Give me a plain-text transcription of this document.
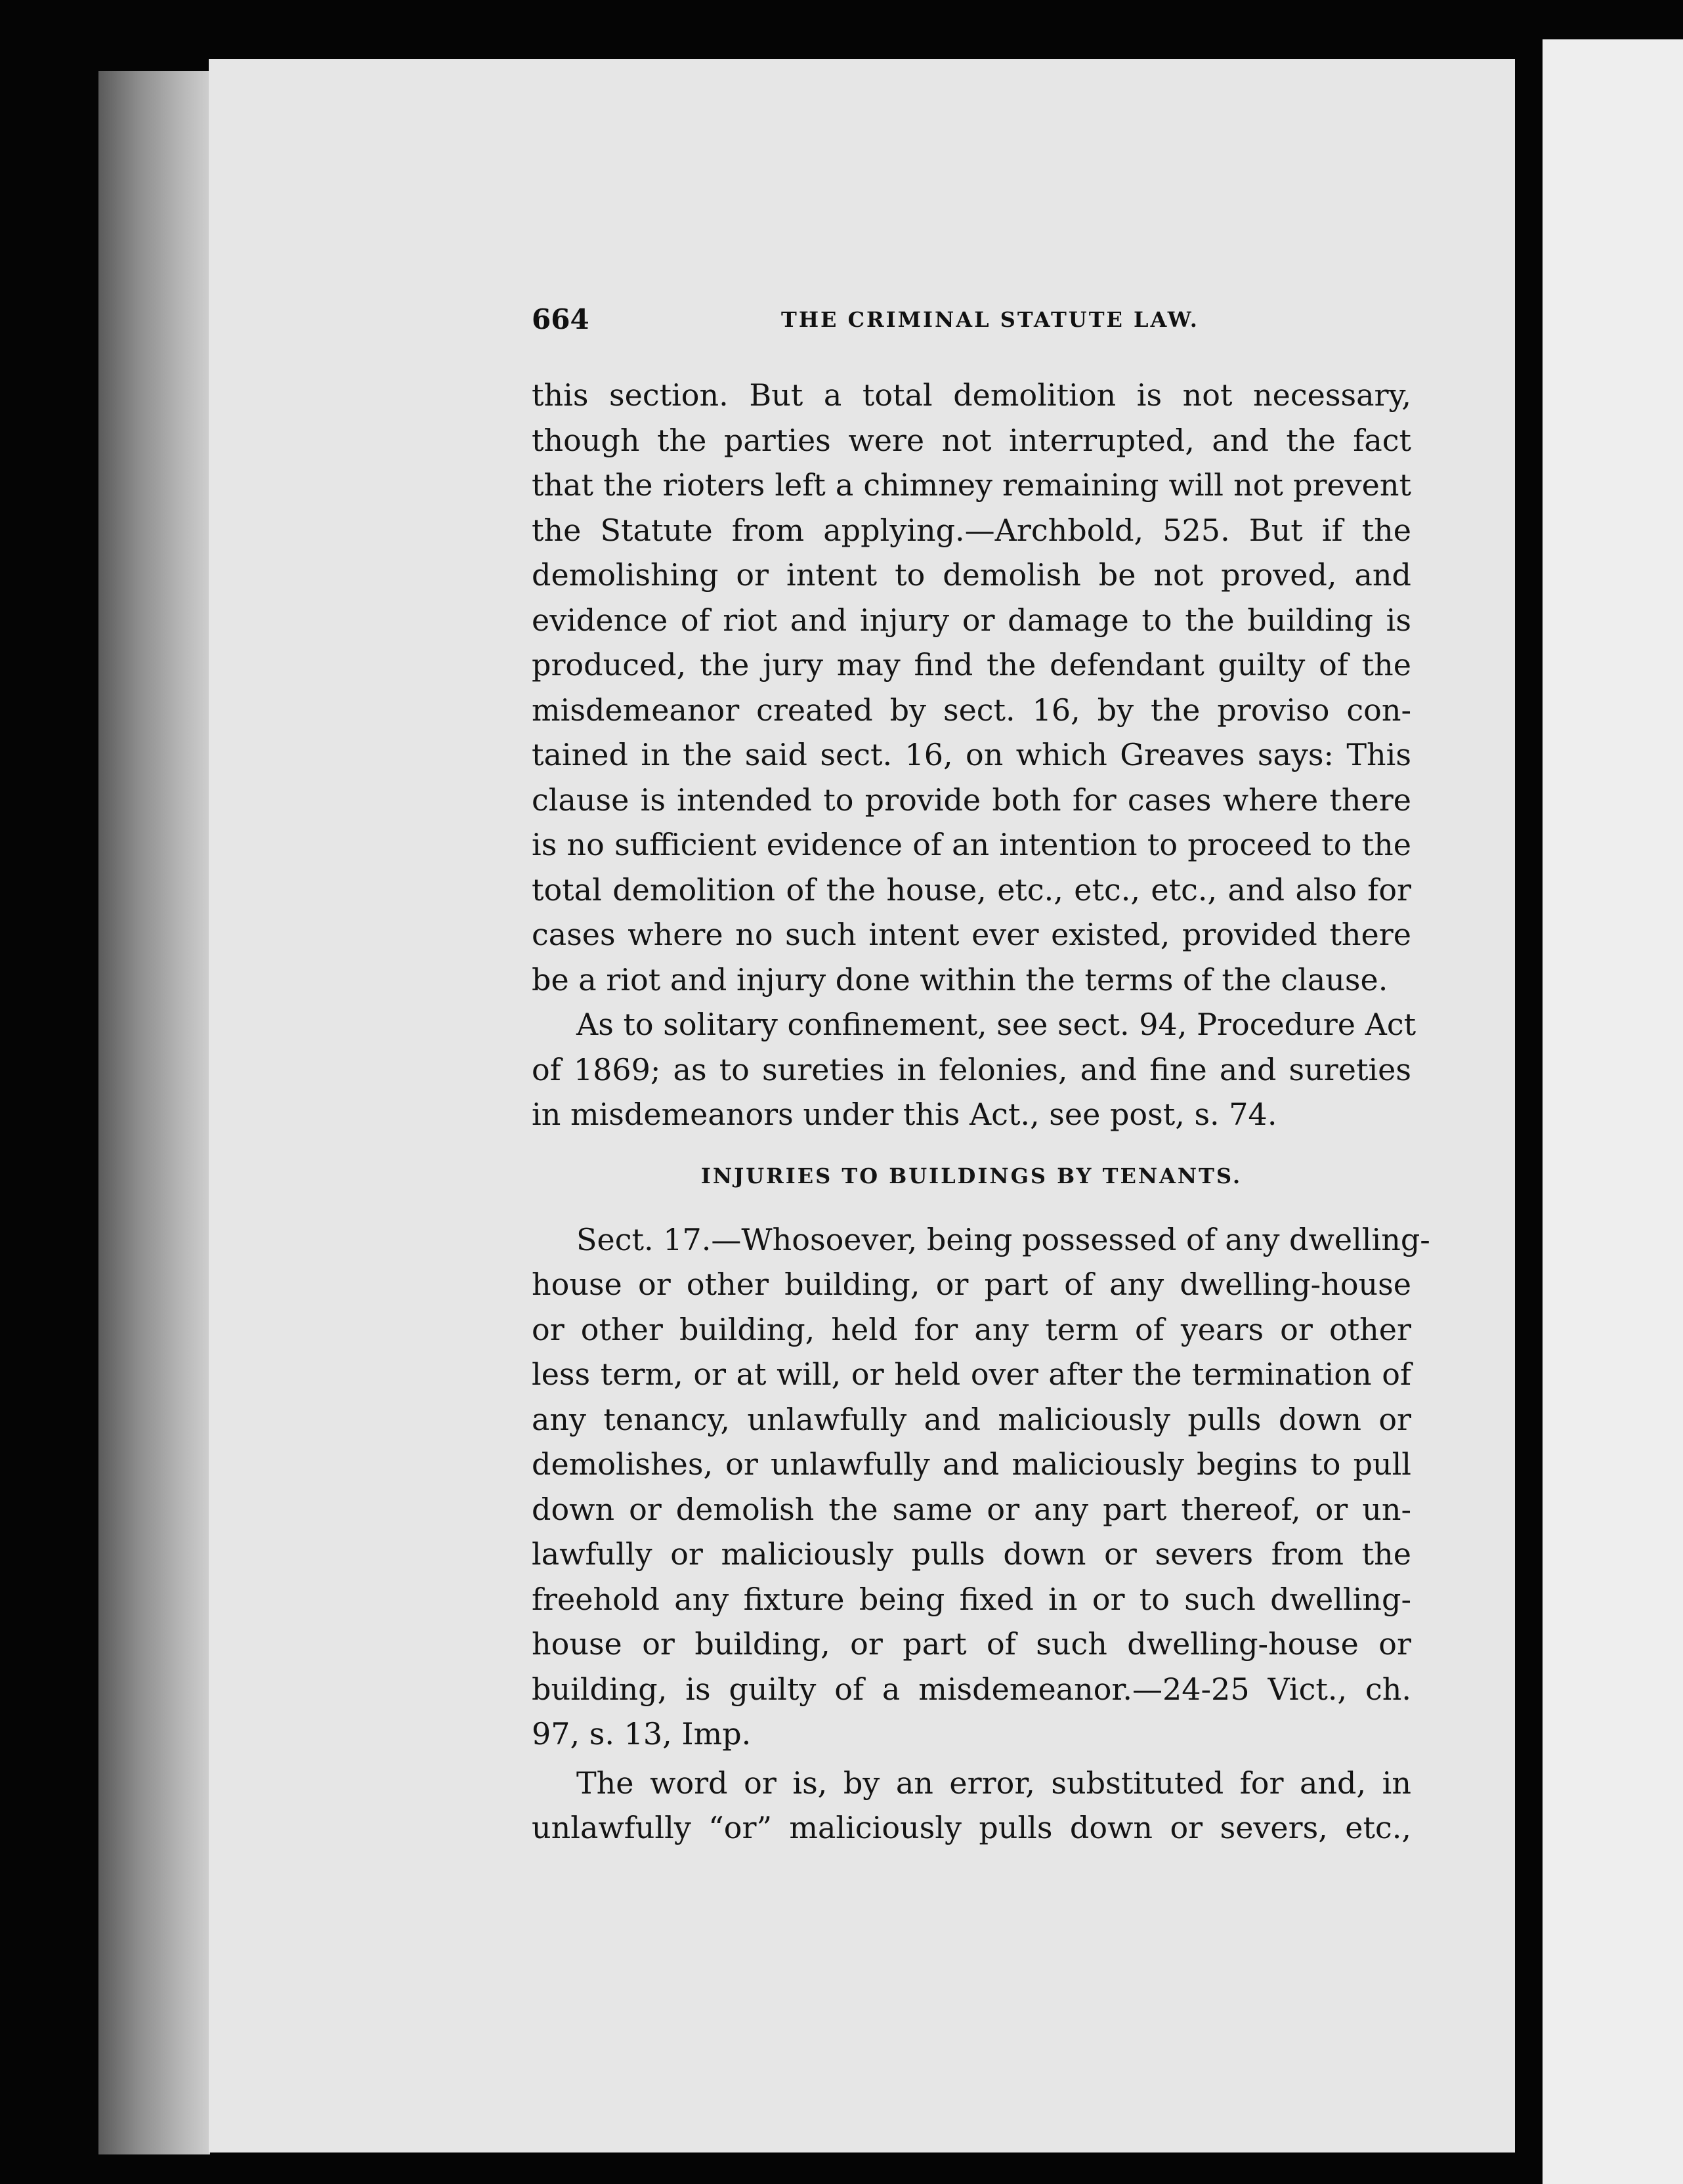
664	THE CRIMINAL STATUTE LAW.
this section. But a total demolition is not necessary,
though the parties were not interrupted, and the fact
that the rioters left a chimney remaining will not prevent
the Statute from applying.—Archbold, 525. But if the
demolishing or intent to demolish be not proved, and
evidence of riot and injury or damage to the building is
produced, the jury may find the defendant guilty of the
misdemeanor created by sect. 16, by the proviso con-
tained in the said sect. 16, on which Greaves says: This
clause is intended to provide both for cases where there
is no sufficient evidence of an intention to proceed to the
total demolition of the house, etc., etc., etc., and also for
cases where no such intent ever existed, provided there
be a riot and injury done within the terms of the clause.
As to solitary confinement, see sect. 94, Procedure Act
of 1869; as to sureties in felonies, and fine and sureties
in misdemeanors under this Act., see post, s. 74.
INJURIES TO BUILDINGS BY TENANTS.
Sect. 17.—Whosoever, being possessed of any dwelling-
house or other building, or part of any dwelling-house
or other building, held for any term of years or other
less term, or at will, or held over after the termination of
any tenancy, unlawfully and maliciously pulls down or
demolishes, or unlawfully and maliciously begins to pull
down or demolish the same or any part thereof, or un-
lawfully or maliciously pulls down or severs from the
freehold any fixture being fixed in or to such dwelling-
house or building, or part of such dwelling-house or
building, is guilty of a misdemeanor.—24-25 Vict., ch.
97, s. 13, Imp.
The word or is, by an error, substituted for and, in
unlawfully “or” maliciously pulls down or severs, etc.,
